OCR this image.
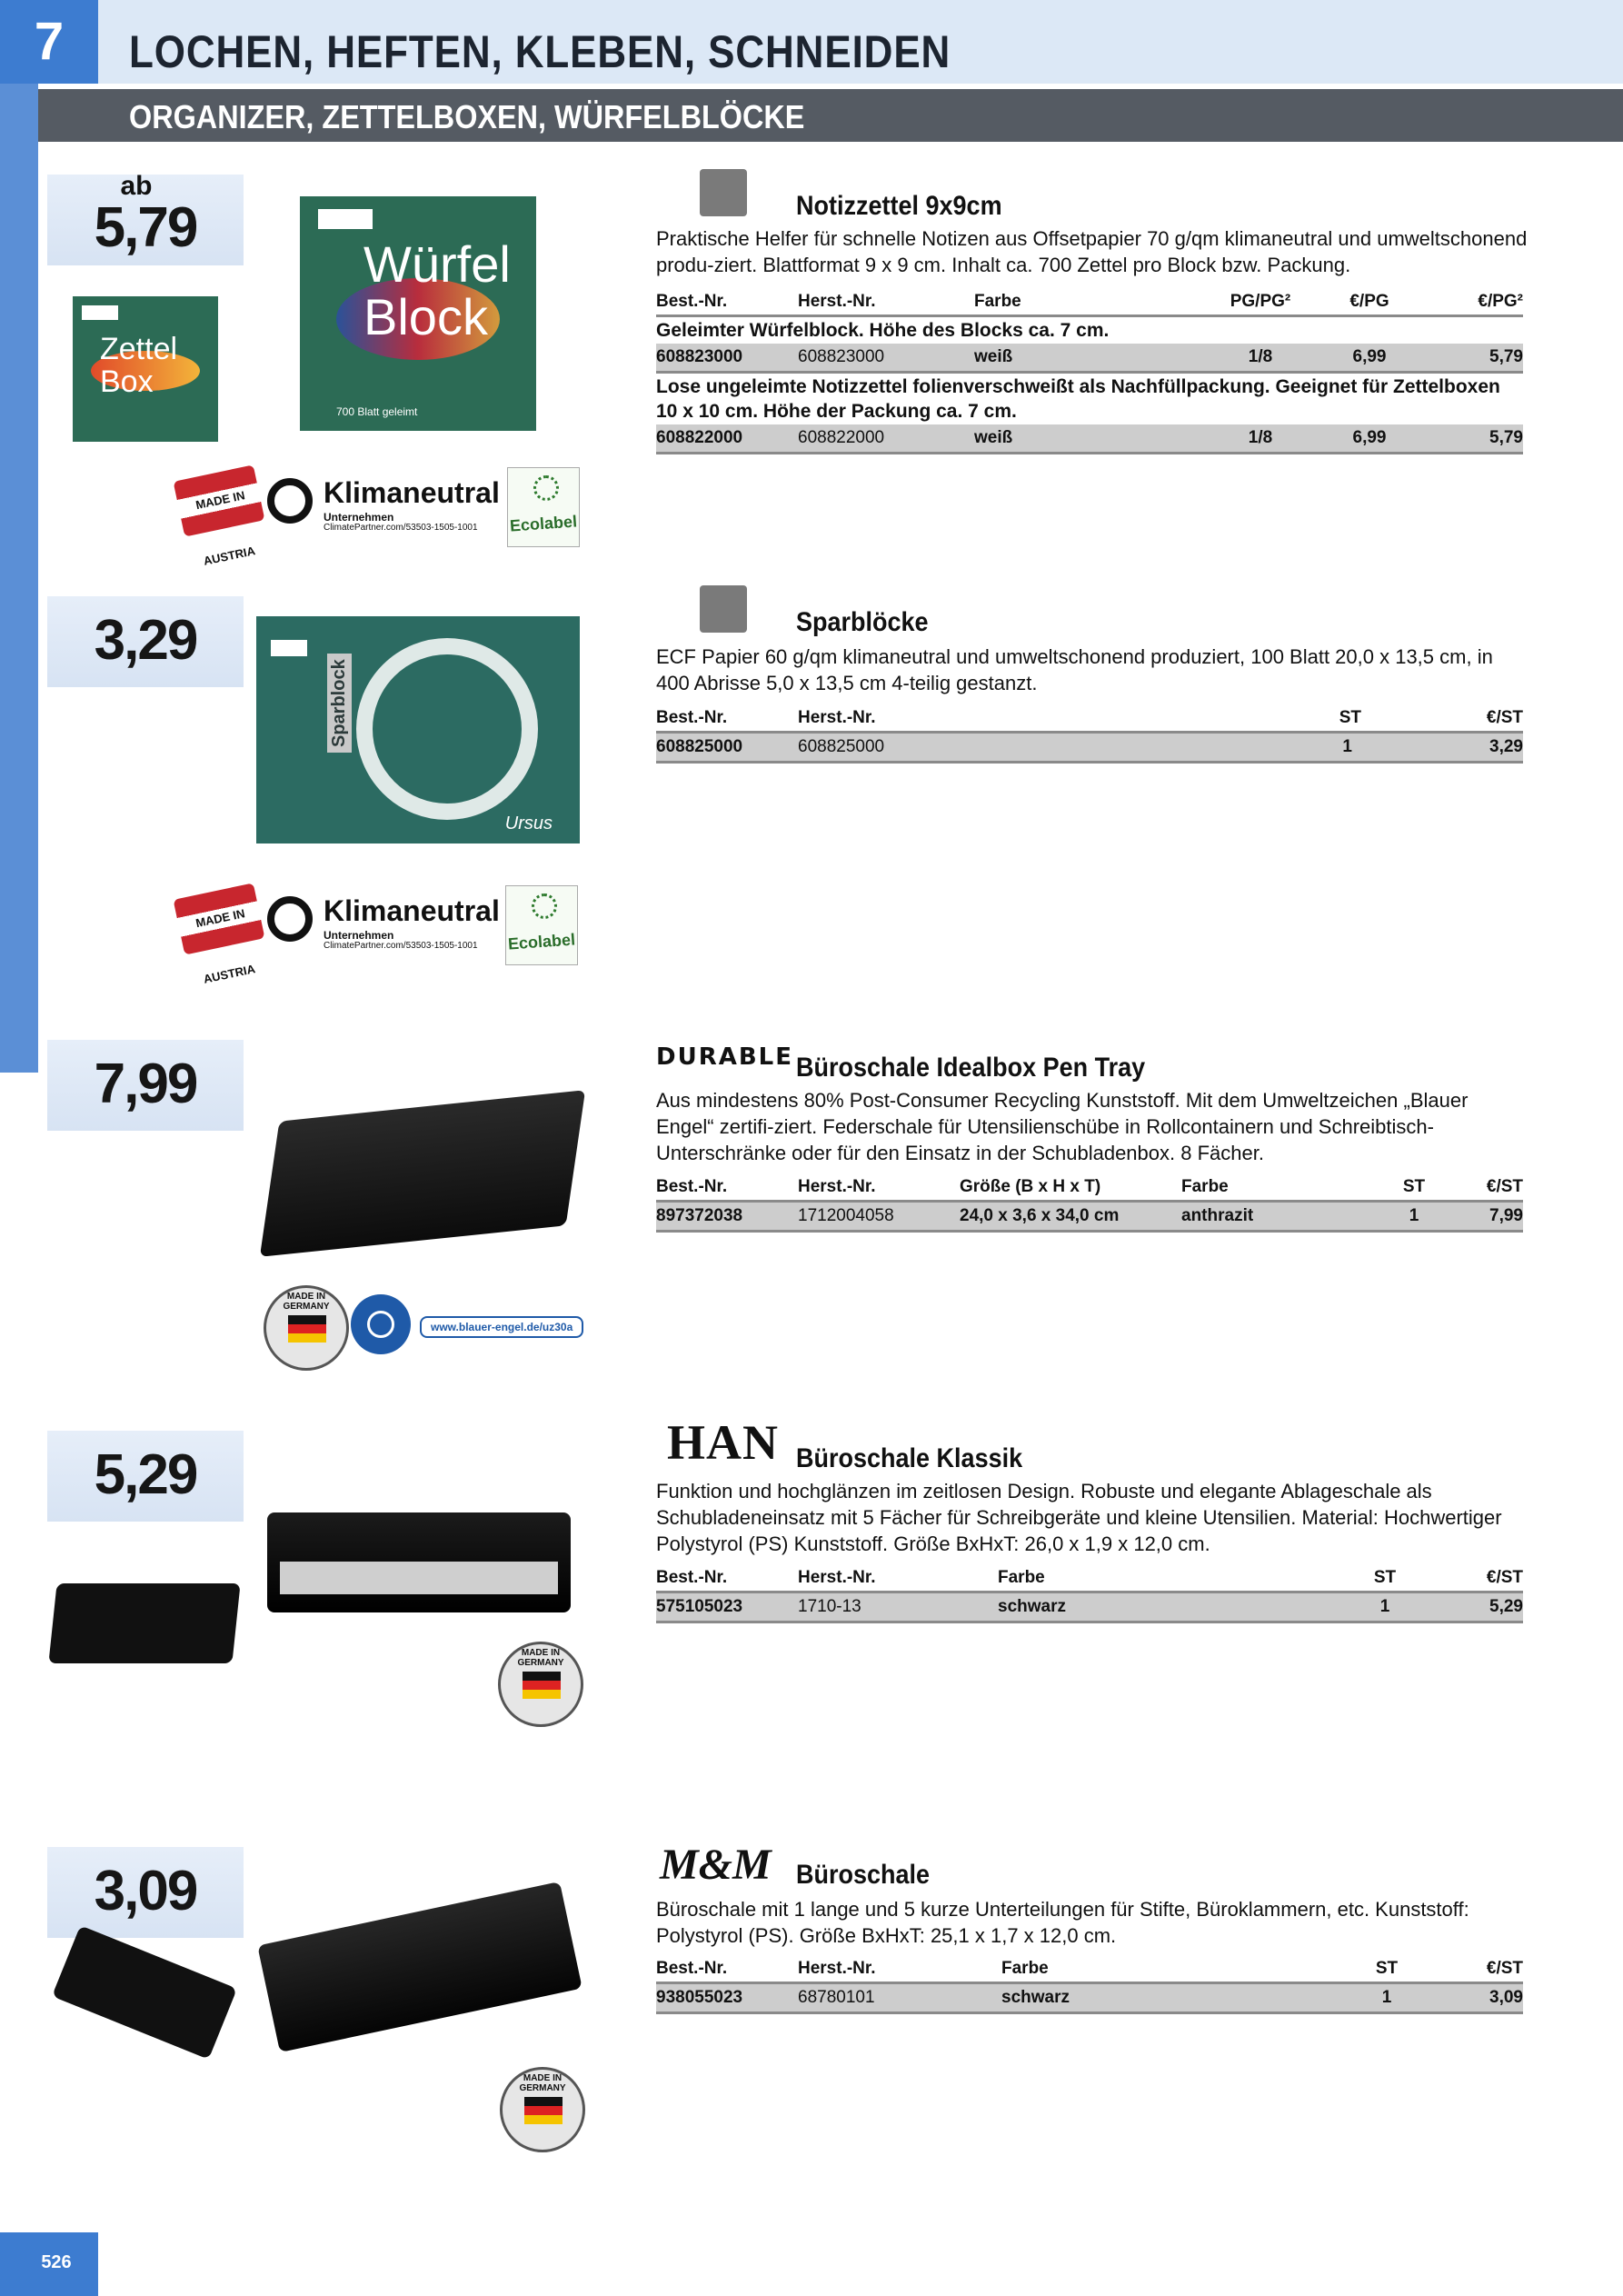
7	LOCHEN, HEFTEN, KLEBEN, SCHNEIDEN
ORGANIZER, ZETTELBOXEN, WÜRFELBLÖCKE
ab
5,79
Würfel Block
700 Blatt geleimt
Zettel Box
MADE IN AUSTRIA
Klimaneutral
Unternehmen
ClimatePartner.com/53503-1505-1001 Ecolabel
Notizzettel 9x9cm
Praktische Helfer für schnelle Notizen aus Offsetpapier 70 g/qm klimaneutral und umweltschonend produ-ziert. Blattformat 9 x 9 cm. Inhalt ca. 700 Zettel pro Block bzw. Packung.
Best.-Nr.	Herst.-Nr.	Farbe	PG/PG²	€/PG	€/PG²
Geleimter Würfelblock. Höhe des Blocks ca. 7 cm.					
608823000	608823000	weiß	1/8	6,99	5,79
Lose ungeleimte Notizzettel folienverschweißt als Nachfüllpackung. Geeignet für Zettelboxen 10 x 10 cm. Höhe der Packung ca. 7 cm.					
608822000	608822000	weiß	1/8	6,99	5,79
3,29
Sparblock
Ursus
MADE IN AUSTRIA
Klimaneutral
Unternehmen
ClimatePartner.com/53503-1505-1001 Ecolabel
Sparblöcke
ECF Papier 60 g/qm klimaneutral und umweltschonend produziert, 100 Blatt 20,0 x 13,5 cm, in 400 Abrisse 5,0 x 13,5 cm 4-teilig gestanzt.
Best.-Nr.	Herst.-Nr.	ST	€/ST
608825000	608825000	1	3,29
7,99
MADE IN GERMANY
www.blauer-engel.de/uz30a
DURABLE Büroschale Idealbox Pen Tray
Aus mindestens 80% Post-Consumer Recycling Kunststoff. Mit dem Umweltzeichen „Blauer Engel“ zertifi-ziert. Federschale für Utensilienschübe in Rollcontainern und Schreibtisch-Unterschränke oder für den Einsatz in der Schubladenbox. 8 Fächer.
Best.-Nr.	Herst.-Nr.	Größe (B x H x T)	Farbe	ST	€/ST
897372038	1712004058	24,0 x 3,6 x 34,0 cm	anthrazit	1	7,99
5,29
MADE IN GERMANY
HAN Büroschale Klassik
Funktion und hochglänzen im zeitlosen Design. Robuste und elegante Ablageschale als Schubladeneinsatz mit 5 Fächer für Schreibgeräte und kleine Utensilien. Material: Hochwertiger Polystyrol (PS) Kunststoff. Größe BxHxT: 26,0 x 1,9 x 12,0 cm.
Best.-Nr.	Herst.-Nr.	Farbe	ST	€/ST
575105023	1710-13	schwarz	1	5,29
3,09
MADE IN GERMANY
M&M Büroschale
Büroschale mit 1 lange und 5 kurze Unterteilungen für Stifte, Büroklammern, etc. Kunststoff: Polystyrol (PS). Größe BxHxT: 25,1 x 1,7 x 12,0 cm.
Best.-Nr.	Herst.-Nr.	Farbe	ST	€/ST
938055023	68780101	schwarz	1	3,09
526
